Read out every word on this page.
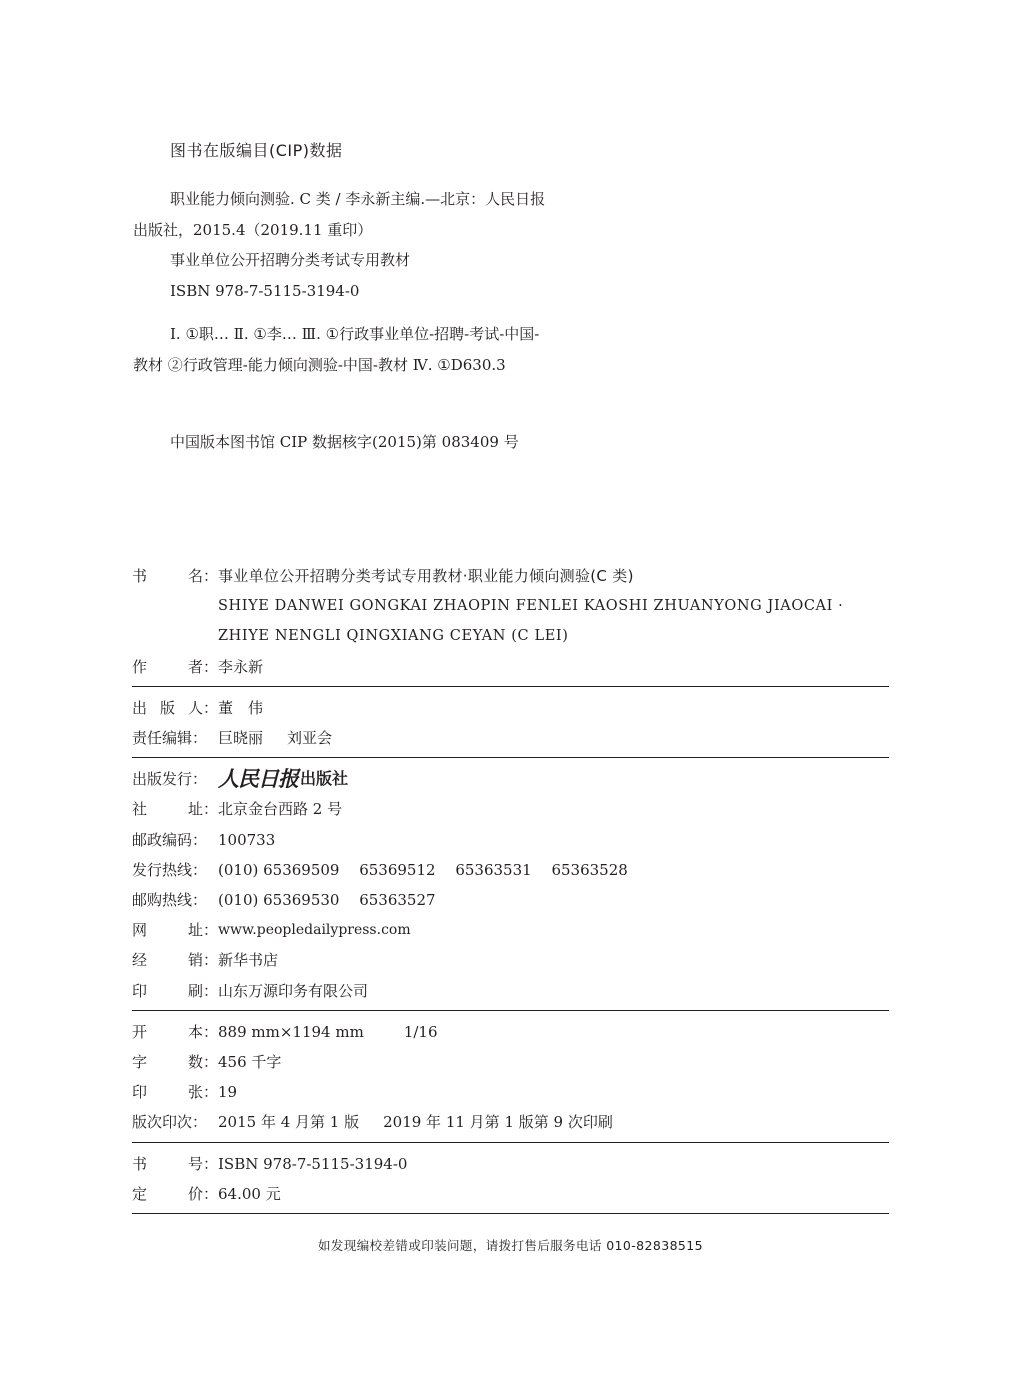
图书在版编目(CIP)数据

职业能力倾向测验. C 类 / 李永新主编.—北京：人民日报出版社，2015.4（2019.11 重印）

事业单位公开招聘分类考试专用教材

ISBN 978-7-5115-3194-0

Ⅰ. ①职… Ⅱ. ①李… Ⅲ. ①行政事业单位-招聘-考试-中国-教材 ②行政管理-能力倾向测验-中国-教材 Ⅳ. ①D630.3

中国版本图书馆 CIP 数据核字(2015)第 083409 号

书	名： 事业单位公开招聘分类考试专用教材·职业能力倾向测验(C 类)
SHIYE DANWEI GONGKAI ZHAOPIN FENLEI KAOSHI ZHUANYONG JIAOCAI · ZHIYE NENGLI QINGXIANG CEYAN (C LEI)
作	者： 李永新
出 版 人： 董　伟
责任编辑： 巨晓丽 刘亚会
出版发行： 人民日报 出版社
社	址： 北京金台西路 2 号
邮政编码： 100733
发行热线： (010) 65369509　 65369512　 65363531　 65363528
邮购热线： (010) 65369530　 65363527
网	址： www.peopledailypress.com
经	销： 新华书店
印	刷： 山东万源印务有限公司
开	本： 889 mm×1194 mm	1/16
字	数： 456 千字
印	张： 19
版次印次： 2015 年 4 月第 1 版 2019 年 11 月第 1 版第 9 次印刷
书	号： ISBN 978-7-5115-3194-0
定	价： 64.00 元
如发现编校差错或印装问题，请拨打售后服务电话 010-82838515
